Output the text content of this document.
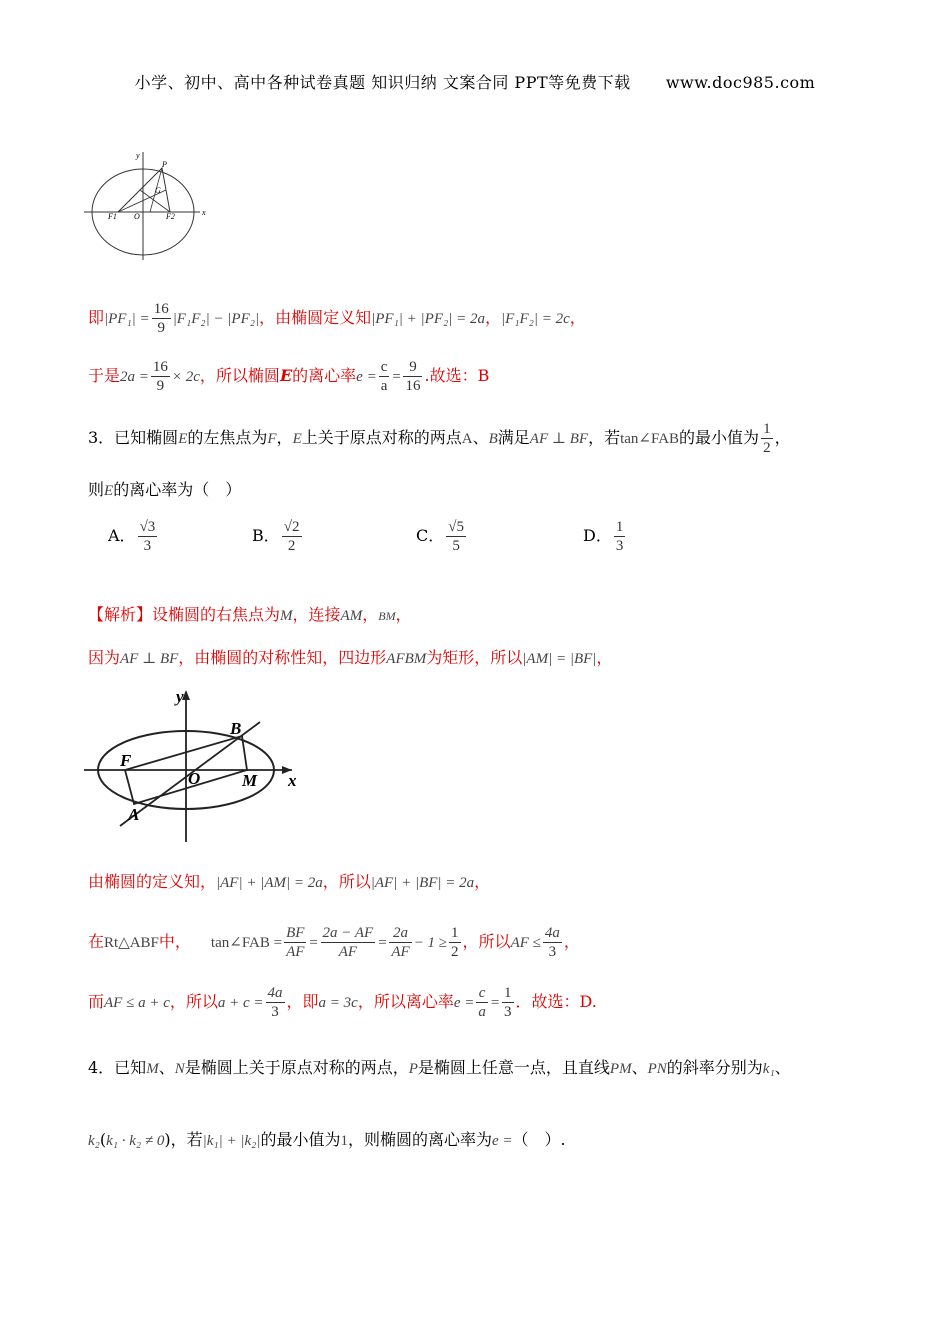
小学、初中、高中各种试卷真题 知识归纳 文案合同 PPT等免费下载 www.doc985.com
y
P
G
F1 O	F2	x
即$|PF_1| = \frac{16}{9} |F_1F_2| - |PF_2|$，由椭圆定义知|PF₁| + |PF₂| = 2a，|F₁F₂| = 2c，
于是$2a = \frac{16}{9} \times 2c$，所以椭圆E的离心率$e = \frac{c}{a} = \frac{9}{16}$ .故选：B
3．已知椭圆E的左焦点为F，E上关于原点对称的两点A、B满足AF ⊥ BF，若tan∠FAB的最小值为 $\frac{1}{2}$ ，
则E的离心率为（　）
A． $\frac{√3}{3}$	B． $\frac{√2}{2}$	C． $\frac{√5}{5}$	D． $\frac{1}{3}$
【解析】设椭圆的右焦点为M，连接AM，BM，
因为AF ⊥ BF，由椭圆的对称性知，四边形AFBM为矩形，所以|AM| = |BF|，
y
B
F
O M x
A
由椭圆的定义知，|AF| + |AM| = 2a，所以|AF| + |BF| = 2a，
在Rt△ABF中， tan∠FAB = $\frac{BF}{AF} = \frac{2a - AF}{AF} = \frac{2a}{AF} - 1 \ge \frac{1}{2}$ ，所以AF ≤ $\frac{4a}{3}$ ，
而AF ≤ a + c，所以$a + c = \frac{4a}{3}$ ，即a = 3c，所以离心率$e = \frac{c}{a} = \frac{1}{3}$ ．故选：D.
4．已知M、N是椭圆上关于原点对称的两点，P是椭圆上任意一点，且直线PM、PN的斜率分别为k₁、
k₂(k₁ · k₂ ≠ 0)，若|k₁| + |k₂|的最小值为1，则椭圆的离心率为e =（　）.
